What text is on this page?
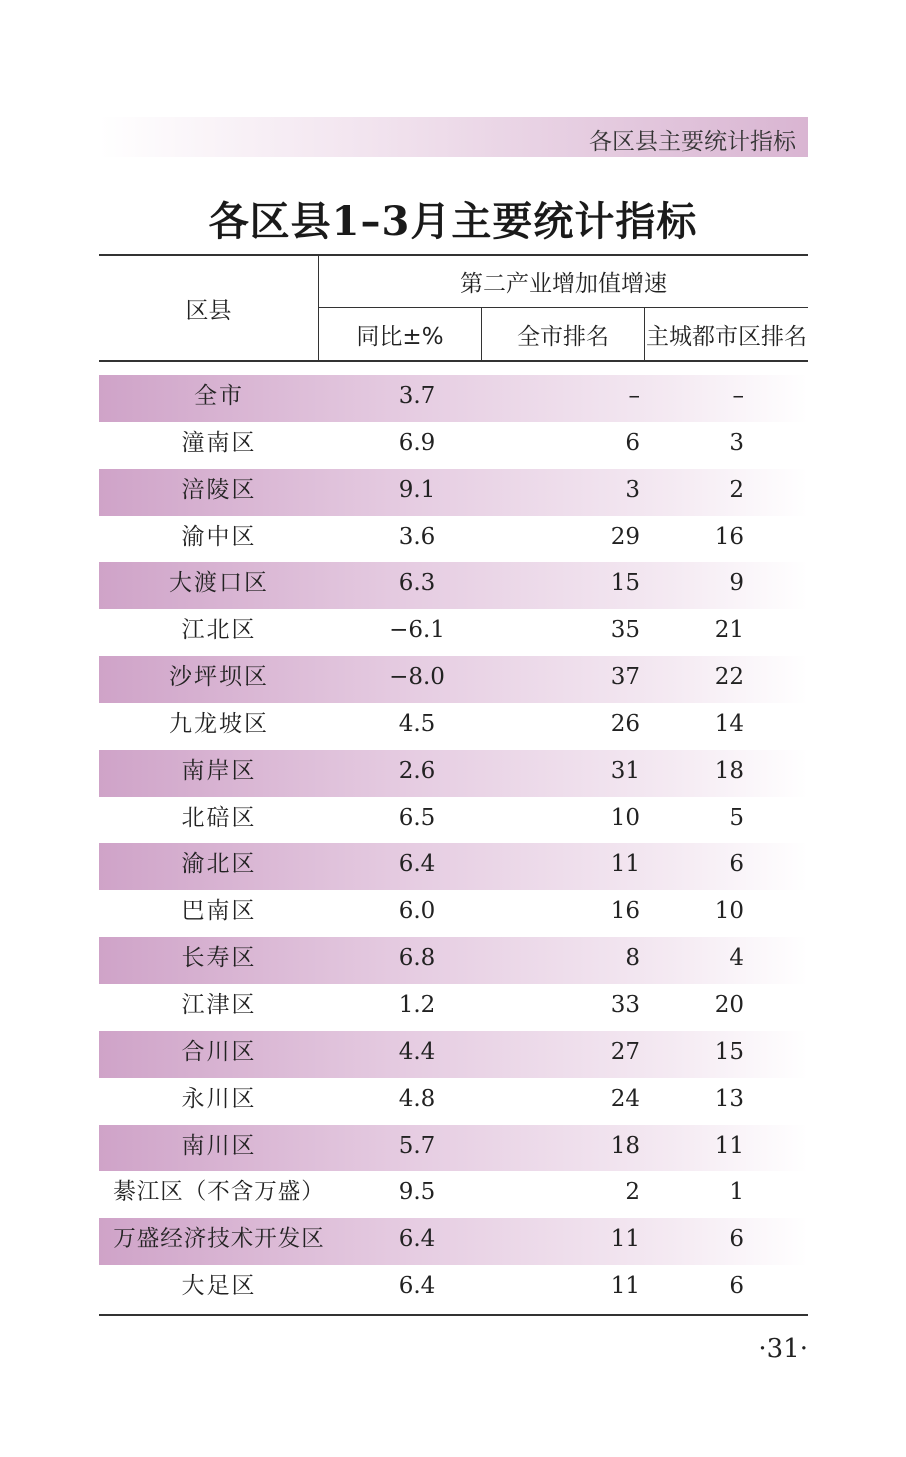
各区县主要统计指标
各区县1–3月主要统计指标
区县
第二产业增加值增速
同比±%	全市排名	主城都市区排名
全市	3.7	–	–
潼南区	6.9	6	3
涪陵区	9.1	3	2
渝中区	3.6	29	16
大渡口区	6.3	15	9
江北区	−6.1	35	21
沙坪坝区	−8.0	37	22
九龙坡区	4.5	26	14
南岸区	2.6	31	18
北碚区	6.5	10	5
渝北区	6.4	11	6
巴南区	6.0	16	10
长寿区	6.8	8	4
江津区	1.2	33	20
合川区	4.4	27	15
永川区	4.8	24	13
南川区	5.7	18	11
綦江区（不含万盛）	9.5	2	1
万盛经济技术开发区	6.4	11	6
大足区	6.4	11	6
·31·
